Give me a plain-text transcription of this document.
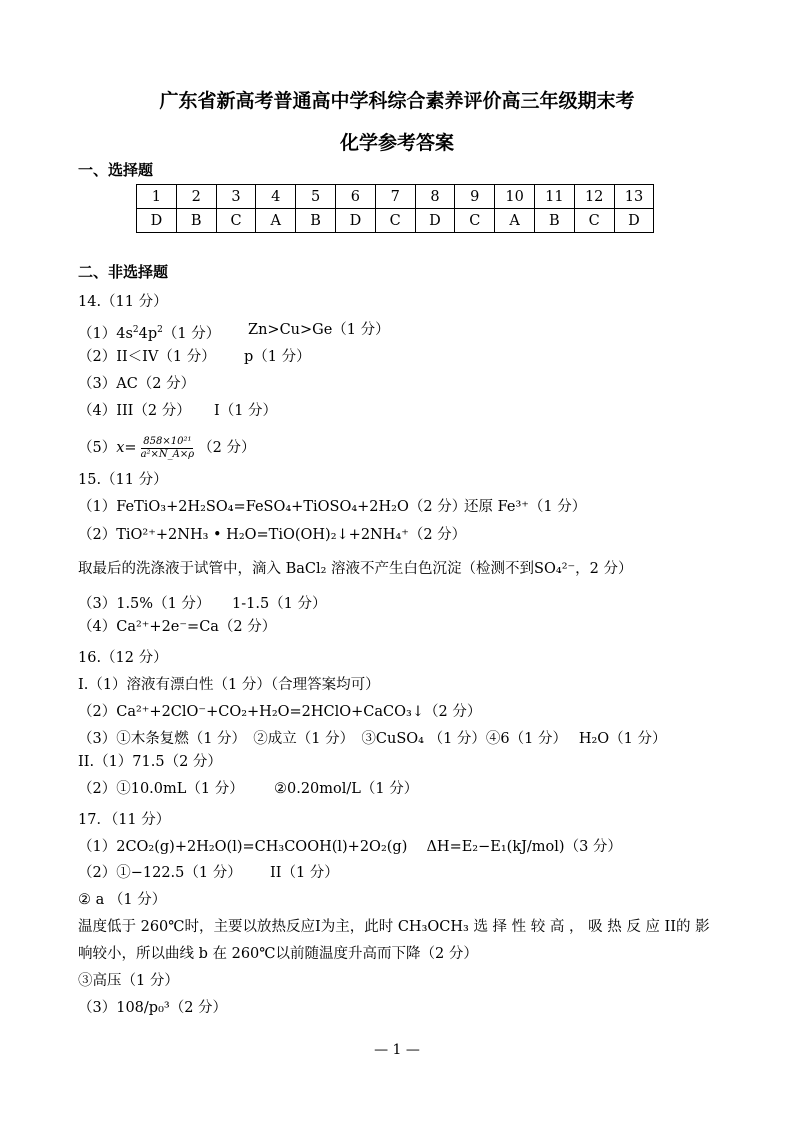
广东省新高考普通高中学科综合素养评价高三年级期末考
化学参考答案
一、选择题
1	2	3	4	5	6	7	8	9	10	11	12	13
D	B	C	A	B	D	C	D	C	A	B	C	D
二、非选择题
14.（11 分）
$(1)4s^24p^2(1$ 分） Zn>Cu>Ge（1 分）
（2）II＜IV（1 分） p（1 分）
（3）AC（2 分）
（4）III（2 分） I（1 分）
$(5)x= \frac{\text{858×10²¹}}{\text{a²×N\_A×ρ}} (2$ 分）
15.（11 分）
（1）FeTiO₃+2H₂SO₄=FeSO₄+TiOSO₄+2H₂O（2 分）
还原 Fe³⁺（1 分）
（2）TiO²⁺+2NH₃ • H₂O=TiO(OH)₂↓+2NH₄⁺（2 分）
取最后的洗涤液于试管中，滴入 BaCl₂ 溶液不产生白色沉淀（检测不到SO₄²⁻，2 分）
（3）1.5%（1 分） 1-1.5（1 分）
（4）Ca²⁺+2e⁻=Ca（2 分）
16.（12 分）
I.（1）溶液有漂白性（1 分）（合理答案均可）
（2）Ca²⁺+2ClO⁻+CO₂+H₂O=2HClO+CaCO₃↓（2 分）
（3）①木条复燃（1 分）　②成立（1 分）　③CuSO₄ （1 分）④6（1 分）　 H₂O（1 分）
II.（1）71.5（2 分）
（2）①10.0mL（1 分） ②0.20mol/L（1 分）
17．（11 分）
（1）2CO₂(g)+2H₂O(l)=CH₃COOH(l)+2O₂(g)　 ΔH=E₂−E₁(kJ/mol)（3 分）
（2）①−122.5（1 分） II（1 分）
② a （1 分）
温度低于 260℃时，主要以放热反应I为主，此时 CH₃OCH₃ 选 择 性 较 高 ， 吸 热 反 应 II的 影
响较小，所以曲线 b 在 260℃以前随温度升高而下降（2 分）
③高压（1 分）
（3）108/p₀³（2 分）
— 1 —
